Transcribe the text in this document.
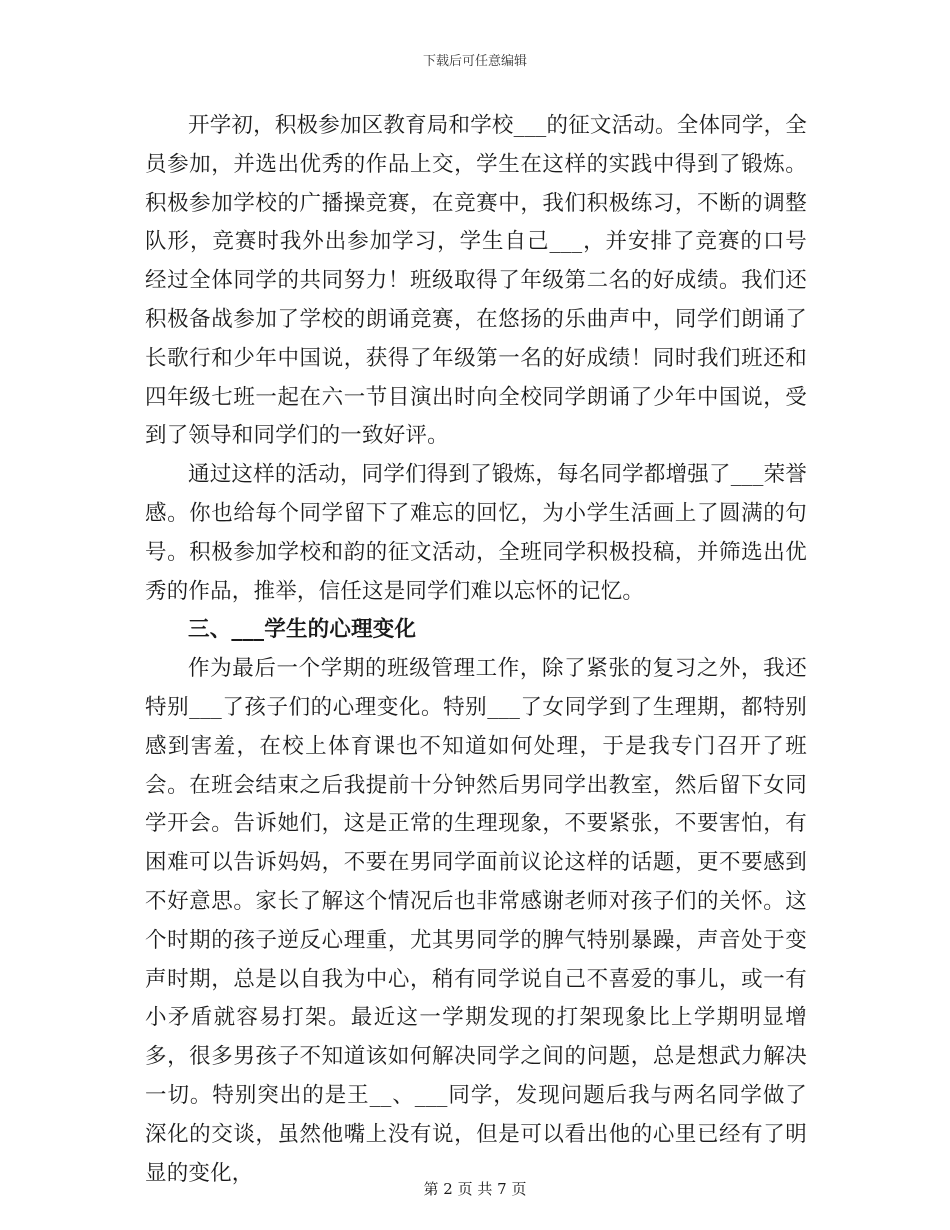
下载后可任意编辑

开学初，积极参加区教育局和学校___的征文活动。全体同学，全员参加，并选出优秀的作品上交，学生在这样的实践中得到了锻炼。积极参加学校的广播操竞赛，在竞赛中，我们积极练习，不断的调整队形，竞赛时我外出参加学习，学生自己___，并安排了竞赛的口号经过全体同学的共同努力！班级取得了年级第二名的好成绩。我们还积极备战参加了学校的朗诵竞赛，在悠扬的乐曲声中，同学们朗诵了长歌行和少年中国说，获得了年级第一名的好成绩！同时我们班还和四年级七班一起在六一节目演出时向全校同学朗诵了少年中国说，受到了领导和同学们的一致好评。

通过这样的活动，同学们得到了锻炼，每名同学都增强了___荣誉感。你也给每个同学留下了难忘的回忆，为小学生活画上了圆满的句号。积极参加学校和韵的征文活动，全班同学积极投稿，并筛选出优秀的作品，推举，信任这是同学们难以忘怀的记忆。

三、___学生的心理变化

作为最后一个学期的班级管理工作，除了紧张的复习之外，我还特别___了孩子们的心理变化。特别___了女同学到了生理期，都特别感到害羞，在校上体育课也不知道如何处理，于是我专门召开了班会。在班会结束之后我提前十分钟然后男同学出教室，然后留下女同学开会。告诉她们，这是正常的生理现象，不要紧张，不要害怕，有困难可以告诉妈妈，不要在男同学面前议论这样的话题，更不要感到不好意思。家长了解这个情况后也非常感谢老师对孩子们的关怀。这个时期的孩子逆反心理重，尤其男同学的脾气特别暴躁，声音处于变声时期，总是以自我为中心，稍有同学说自己不喜爱的事儿，或一有小矛盾就容易打架。最近这一学期发现的打架现象比上学期明显增多，很多男孩子不知道该如何解决同学之间的问题，总是想武力解决一切。特别突出的是王__、___同学，发现问题后我与两名同学做了深化的交谈，虽然他嘴上没有说，但是可以看出他的心里已经有了明显的变化，

第 2 页 共 7 页
